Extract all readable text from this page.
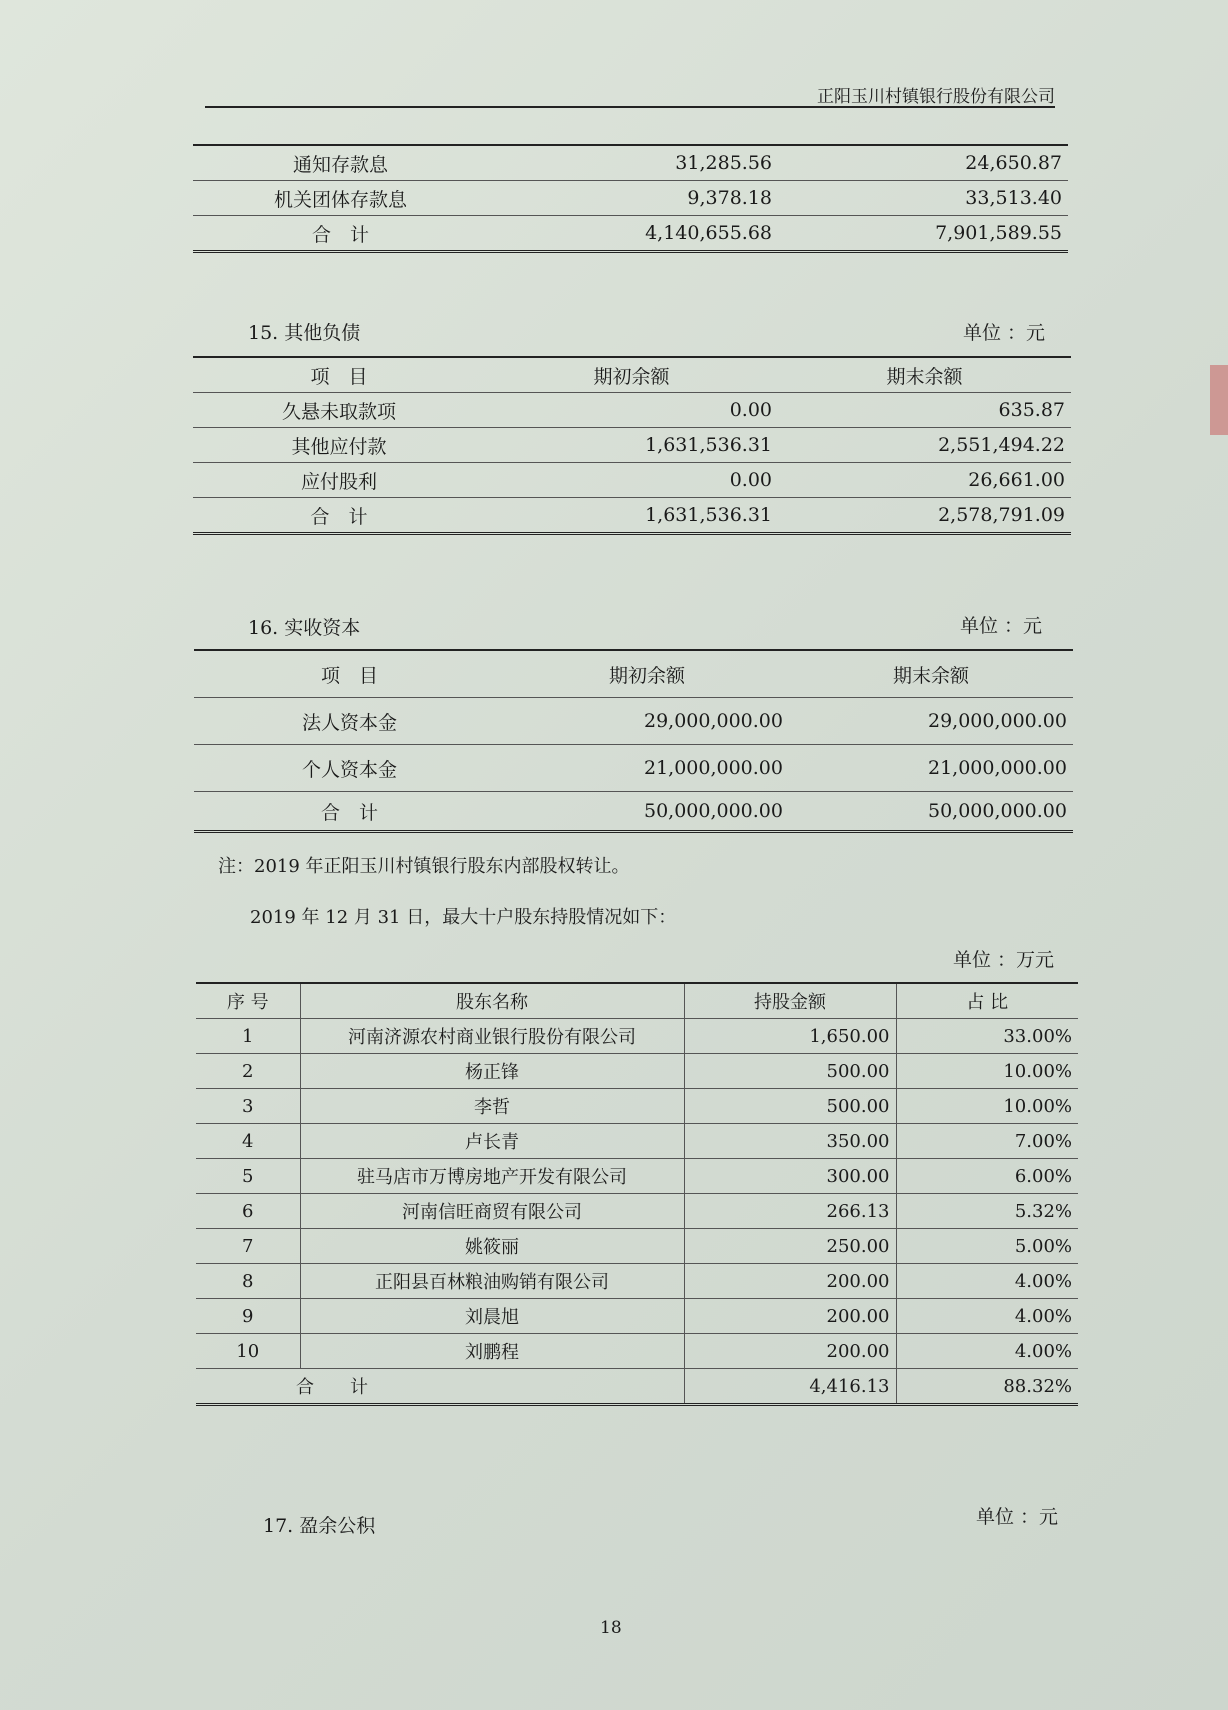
正阳玉川村镇银行股份有限公司
通知存款息	31,285.56	24,650.87
机关团体存款息	9,378.18	33,513.40
合　计	4,140,655.68	7,901,589.55
15. 其他负债	单位 ：元
项　目	期初余额	期末余额
久悬未取款项	0.00	635.87
其他应付款	1,631,536.31	2,551,494.22
应付股利	0.00	26,661.00
合　计	1,631,536.31	2,578,791.09
16. 实收资本	单位 ：元
项　目	期初余额	期末余额
法人资本金	29,000,000.00	29,000,000.00
个人资本金	21,000,000.00	21,000,000.00
合　计	50,000,000.00	50,000,000.00
注：2019 年正阳玉川村镇银行股东内部股权转让。
2019 年 12 月 31 日，最大十户股东持股情况如下：
单位 ：万元
序 号	股东名称	持股金额	占 比
1	河南济源农村商业银行股份有限公司	1,650.00	33.00%
2	杨正锋	500.00	10.00%
3	李哲	500.00	10.00%
4	卢长青	350.00	7.00%
5	驻马店市万博房地产开发有限公司	300.00	6.00%
6	河南信旺商贸有限公司	266.13	5.32%
7	姚筱丽	250.00	5.00%
8	正阳县百林粮油购销有限公司	200.00	4.00%
9	刘晨旭	200.00	4.00%
10	刘鹏程	200.00	4.00%
合　　计		4,416.13	88.32%
17. 盈余公积	单位 ：元
18
